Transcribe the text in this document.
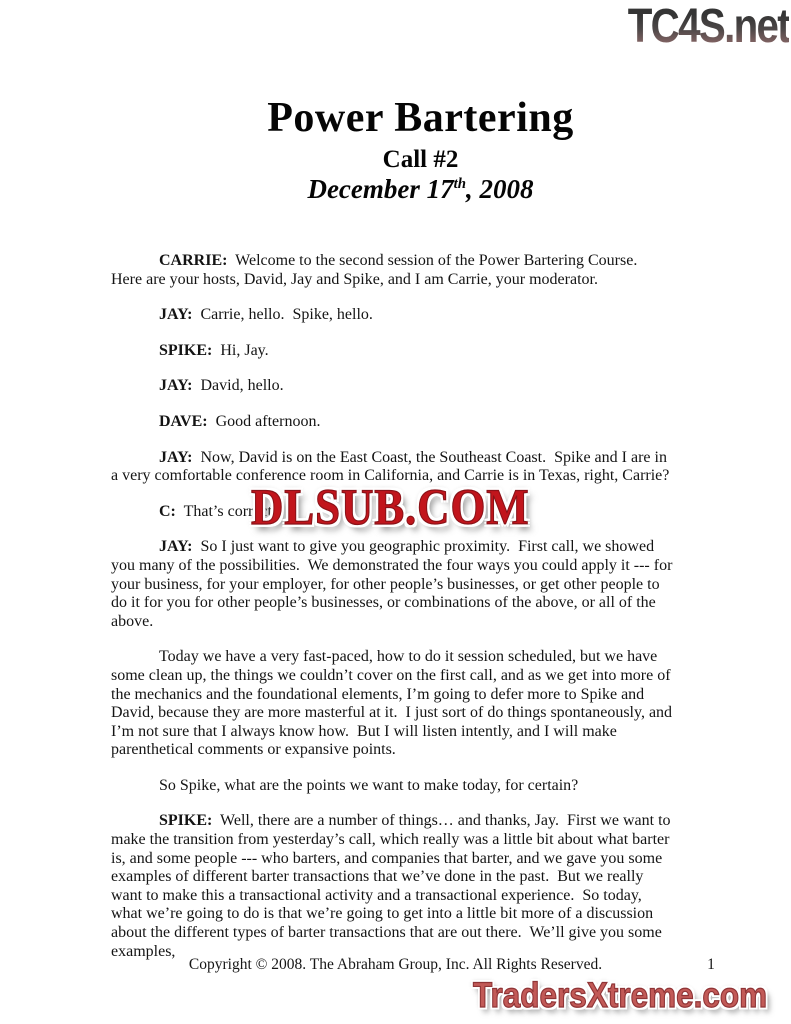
TC4S.net
Power Bartering
Call #2
December 17th, 2008

CARRIE:  Welcome to the second session of the Power Bartering Course.  Here are your hosts, David, Jay and Spike, and I am Carrie, your moderator.

JAY:  Carrie, hello.  Spike, hello.

SPIKE:  Hi, Jay.

JAY:  David, hello.

DAVE:  Good afternoon.

JAY:  Now, David is on the East Coast, the Southeast Coast.  Spike and I are in a very comfortable conference room in California, and Carrie is in Texas, right, Carrie?

C:  That’s correct.

JAY:  So I just want to give you geographic proximity.  First call, we showed you many of the possibilities.  We demonstrated the four ways you could apply it --- for your business, for your employer, for other people’s businesses, or get other people to do it for you for other people’s businesses, or combinations of the above, or all of the above.

Today we have a very fast-paced, how to do it session scheduled, but we have some clean up, the things we couldn’t cover on the first call, and as we get into more of the mechanics and the foundational elements, I’m going to defer more to Spike and David, because they are more masterful at it.  I just sort of do things spontaneously, and I’m not sure that I always know how.  But I will listen intently, and I will make parenthetical comments or expansive points.

So Spike, what are the points we want to make today, for certain?

SPIKE:  Well, there are a number of things… and thanks, Jay.  First we want to make the transition from yesterday’s call, which really was a little bit about what barter is, and some people --- who barters, and companies that barter, and we gave you some examples of different barter transactions that we’ve done in the past.  But we really want to make this a transactional activity and a transactional experience.  So today, what we’re going to do is that we’re going to get into a little bit more of a discussion about the different types of barter transactions that are out there.  We’ll give you some examples,

DLSUB.COM
Copyright © 2008. The Abraham Group, Inc. All Rights Reserved.	1
TradersXtreme.com
